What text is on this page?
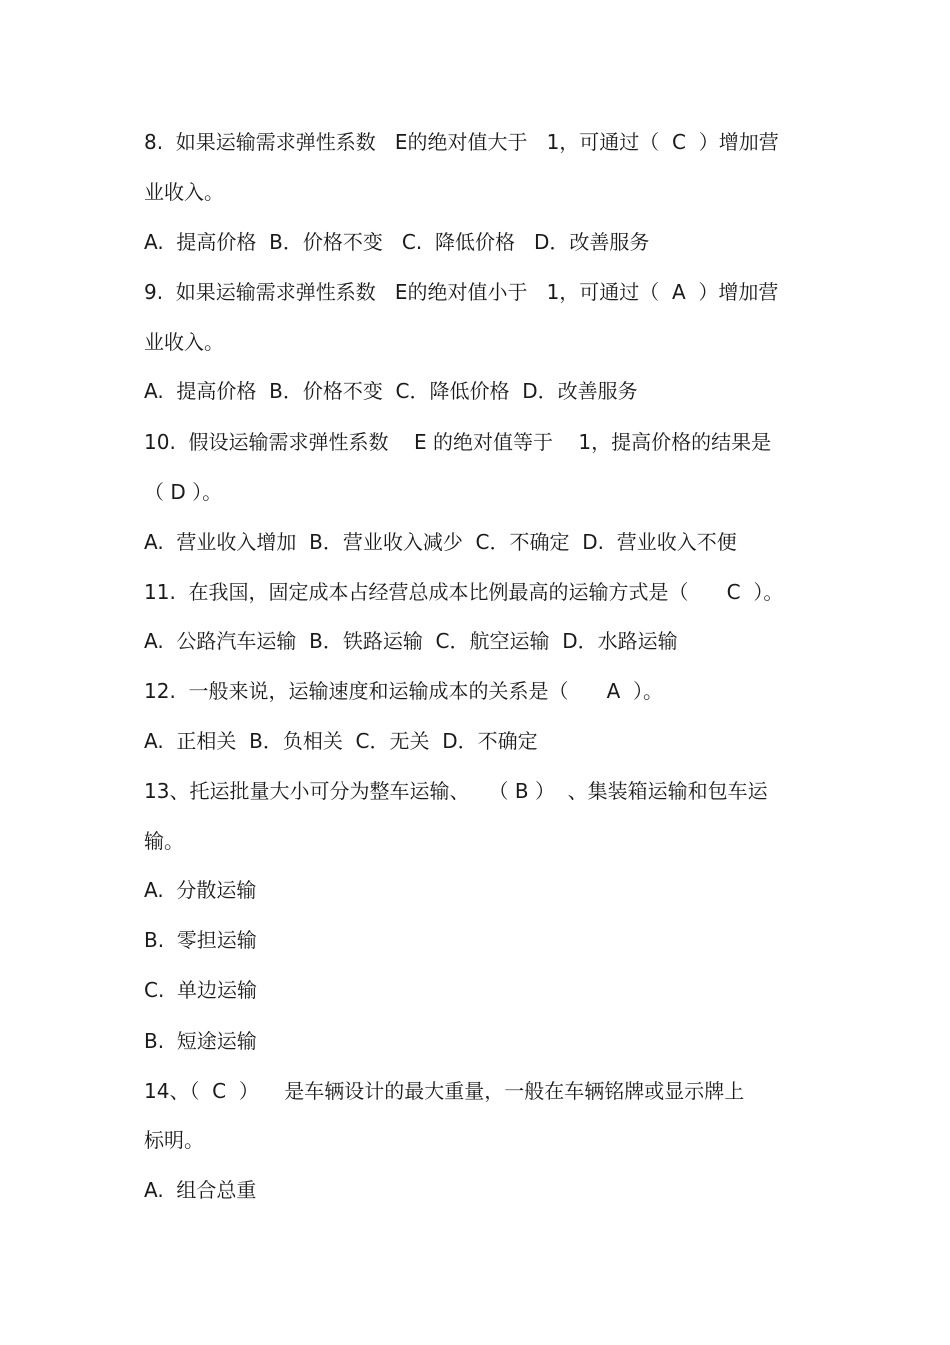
8.  如果运输需求弹性系数   E的绝对值大于   1，可通过（  C  ）增加营
业收入。
A.  提高价格  B．价格不变   C.  降低价格   D．改善服务
9.  如果运输需求弹性系数   E的绝对值小于   1，可通过（  A  ）增加营
业收入。
A.  提高价格  B．价格不变  C．降低价格  D．改善服务
10.  假设运输需求弹性系数    E 的绝对值等于    1，提高价格的结果是
（ D ）。
A.  营业收入增加  B．营业收入减少  C．不确定  D.  营业收入不便
11.  在我国，固定成本占经营总成本比例最高的运输方式是（      C  ）。
A.  公路汽车运输  B．铁路运输  C．航空运输  D．水路运输
12.  一般来说，运输速度和运输成本的关系是（      A  ）。
A.  正相关  B．负相关  C．无关  D．不确定
13、托运批量大小可分为整车运输、   （ B ）  、集装箱运输和包车运
输。
A.  分散运输
B.  零担运输
C.  单边运输
B.  短途运输
14、（  C  ）    是车辆设计的最大重量，一般在车辆铭牌或显示牌上
标明。
A.  组合总重
